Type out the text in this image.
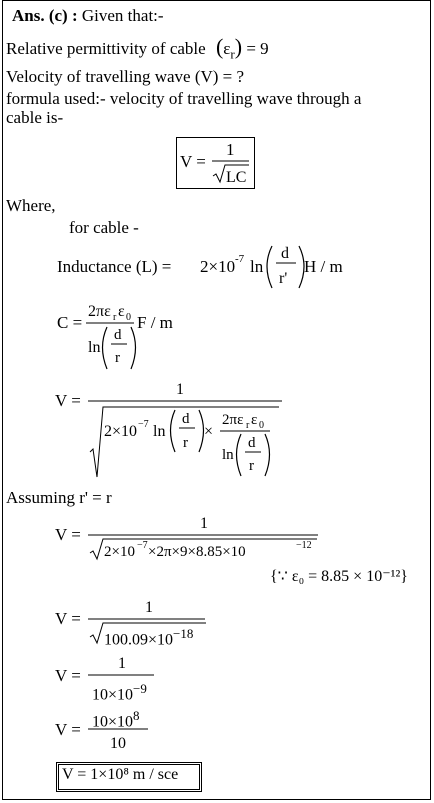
Ans. (c) : Given that:-
Relative permittivity of cable $(\varepsilon_r) = 9$
Velocity of travelling wave (V) = ?
formula used:- velocity of travelling wave through a
cable is-
V =
1
LC
2×10 -7 ln
d
r'
C =
2πε r ε 0
ln
d
r
V =
1
2×10 −7 ln
d
r
×
2πε r ε 0
ln
d
r
V =
1
2×10 −7 ×2π×9×8.85×10	−12
V =
1
V =
1
V =
Where,
for cable -
Inductance (L) =	H / m
F / m
Assuming r' = r
{∵ ε₀ = 8.85 × 10⁻¹²}
$100.09\times 10^{-18}$
$10\times 10^{-9}$
$10\times 10^8$
10
V = 1×10⁸ m / sce
